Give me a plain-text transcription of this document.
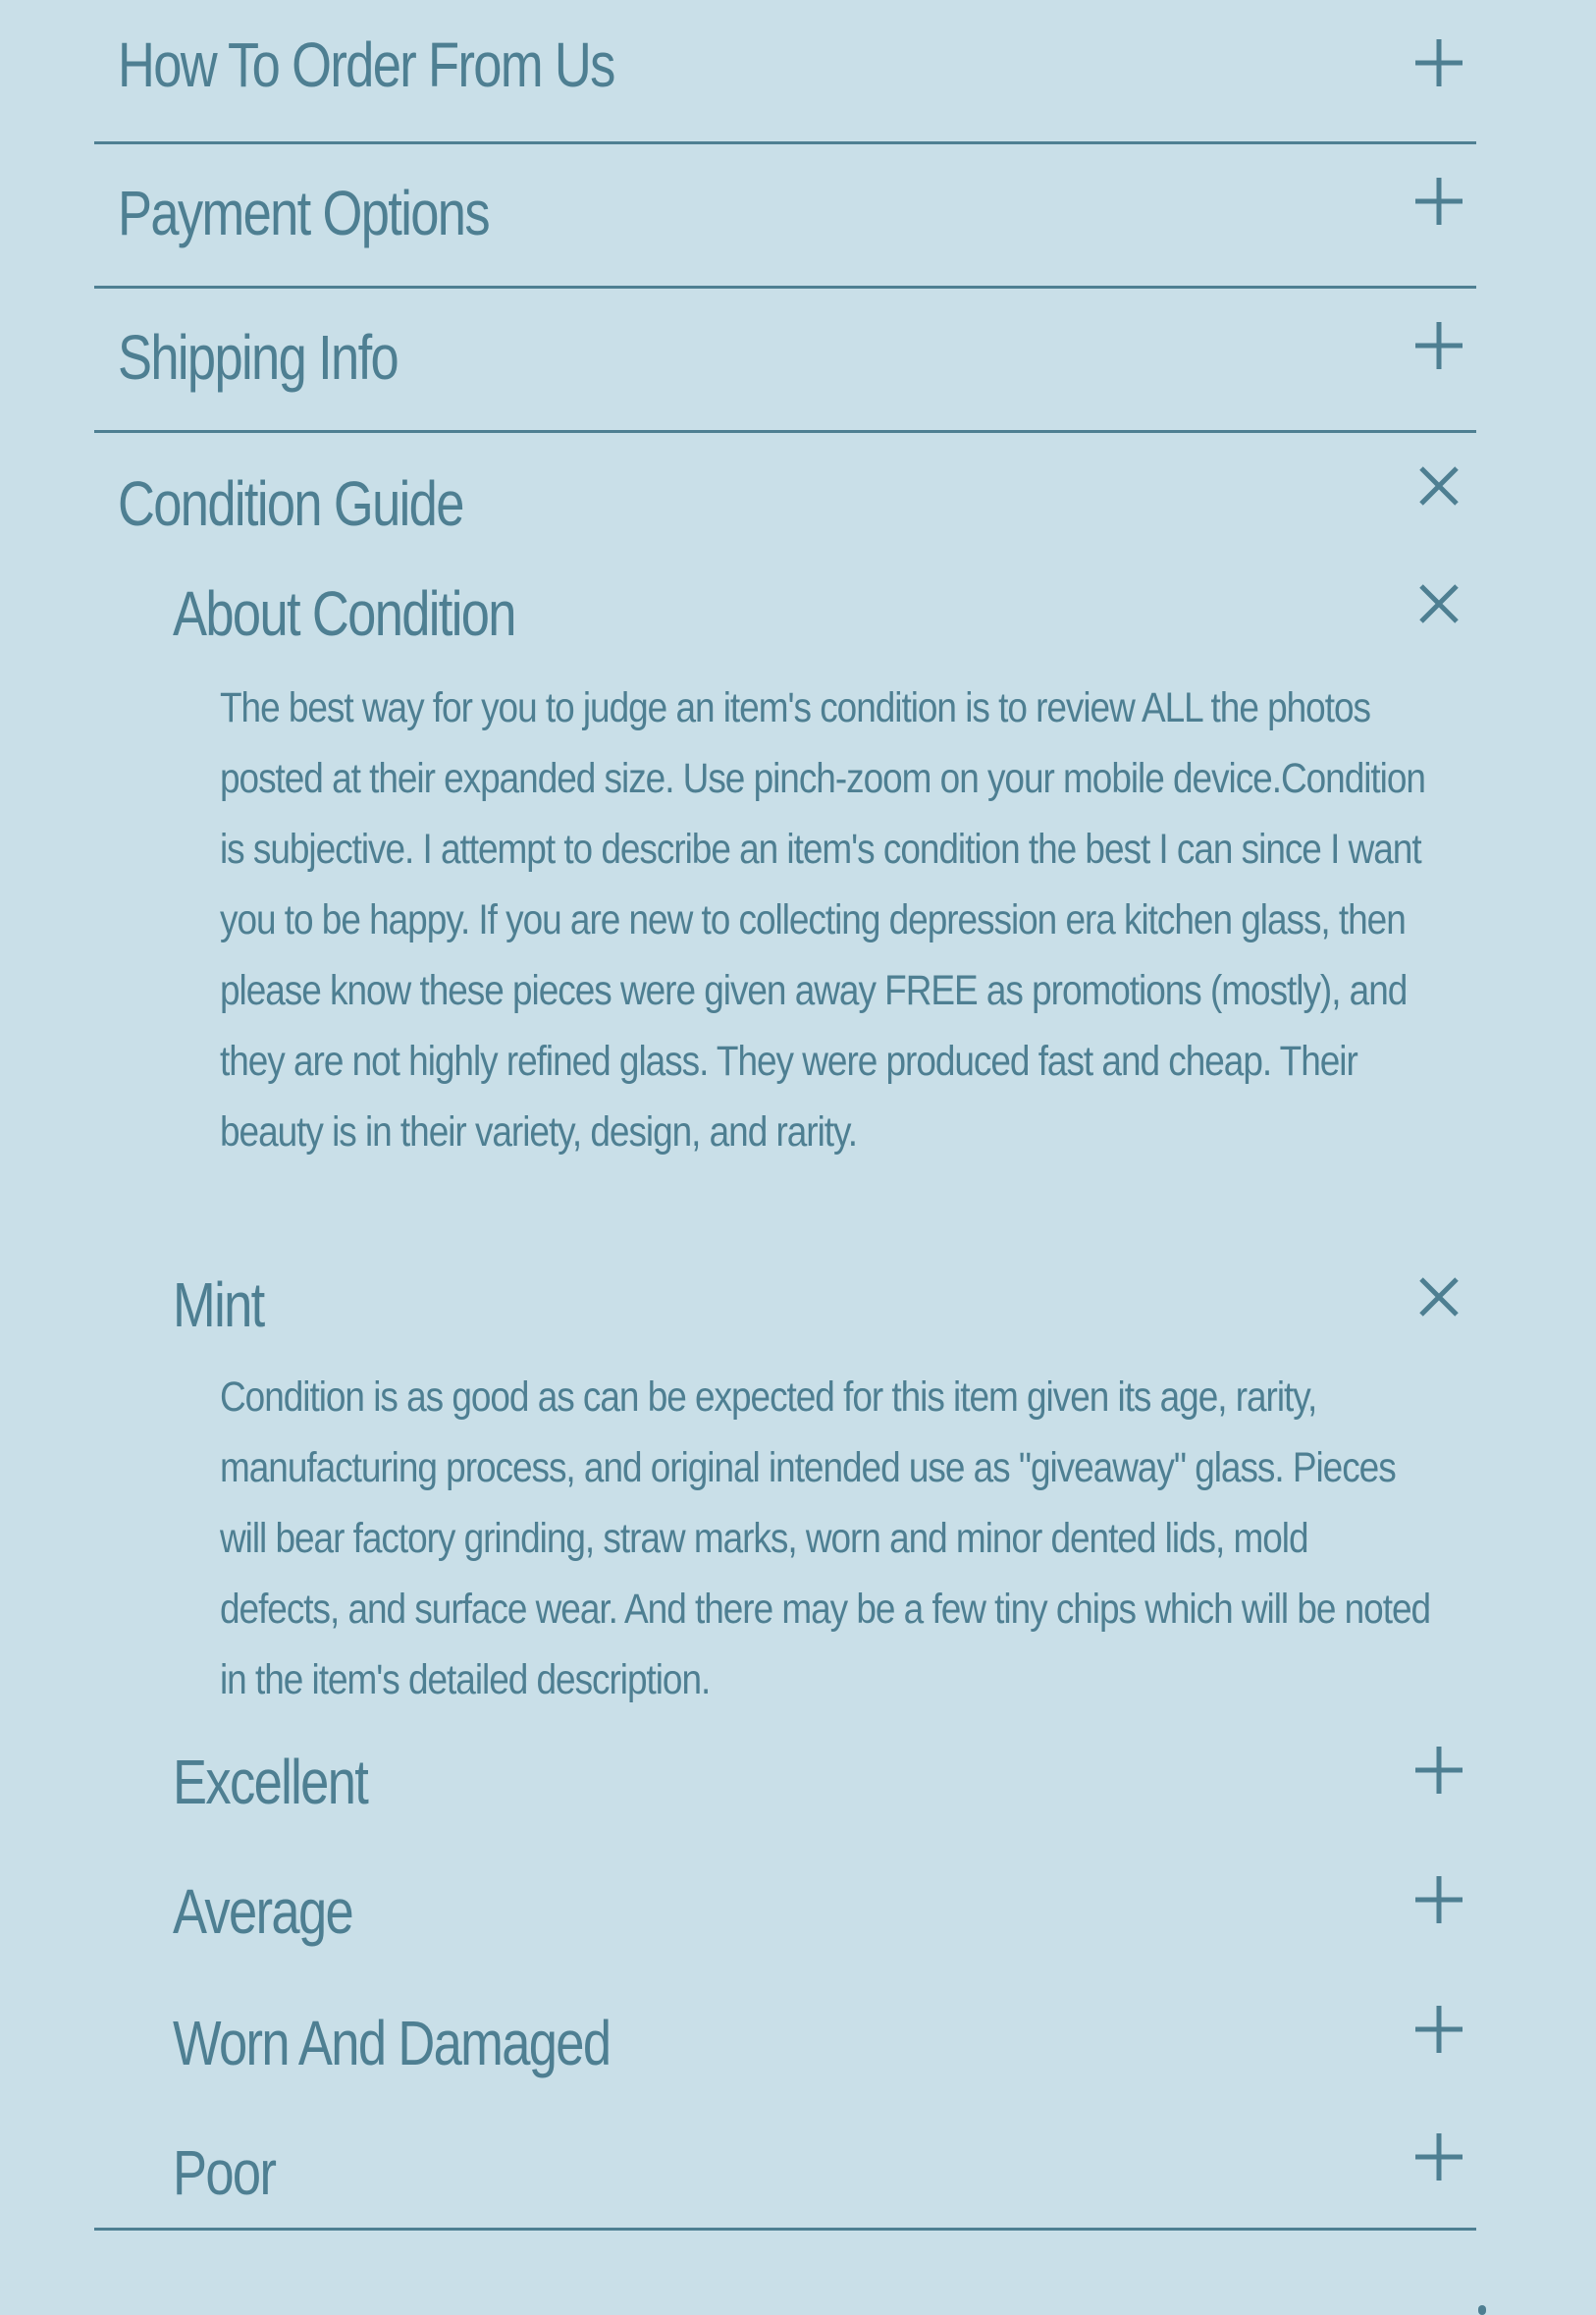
How To Order From Us
Payment Options
Shipping Info
Condition Guide
About Condition
The best way for you to judge an item's condition is to review ALL the photos posted at their expanded size. Use pinch-zoom on your mobile device.Condition is subjective. I attempt to describe an item's condition the best I can since I want you to be happy. If you are new to collecting depression era kitchen glass, then please know these pieces were given away FREE as promotions (mostly), and they are not highly refined glass. They were produced fast and cheap. Their beauty is in their variety, design, and rarity.
Mint
Condition is as good as can be expected for this item given its age, rarity, manufacturing process, and original intended use as "giveaway" glass. Pieces will bear factory grinding, straw marks, worn and minor dented lids, mold defects, and surface wear. And there may be a few tiny chips which will be noted in the item's detailed description.
Excellent
Average
Worn And Damaged
Poor
